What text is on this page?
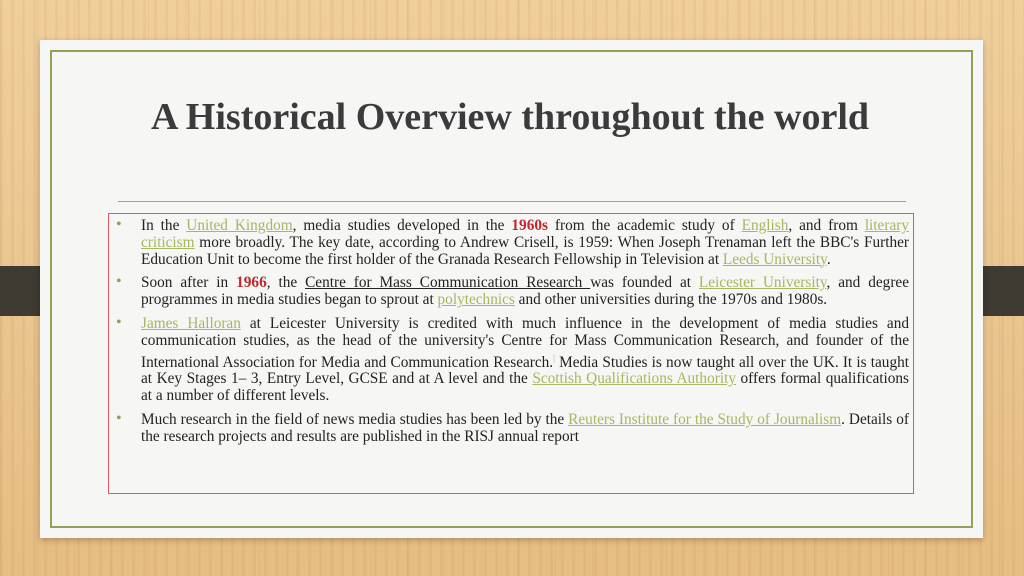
A Historical Overview throughout the world
• In the United Kingdom, media studies developed in the 1960s from the academic study of English, and from literary criticism more broadly. The key date, according to Andrew Crisell, is 1959: When Joseph Trenaman left the BBC's Further Education Unit to become the first holder of the Granada Research Fellowship in Television at Leeds University.
• Soon after in 1966, the Centre for Mass Communication Research was founded at Leicester University, and degree programmes in media studies began to sprout at polytechnics and other universities during the 1970s and 1980s.
• James Halloran at Leicester University is credited with much influence in the development of media studies and communication studies, as the head of the university's Centre for Mass Communication Research, and founder of the International Association for Media and Communication Research.| Media Studies is now taught all over the UK. It is taught at Key Stages 1– 3, Entry Level, GCSE and at A level and the Scottish Qualifications Authority offers formal qualifications at a number of different levels.
• Much research in the field of news media studies has been led by the Reuters Institute for the Study of Journalism. Details of the research projects and results are published in the RISJ annual report
